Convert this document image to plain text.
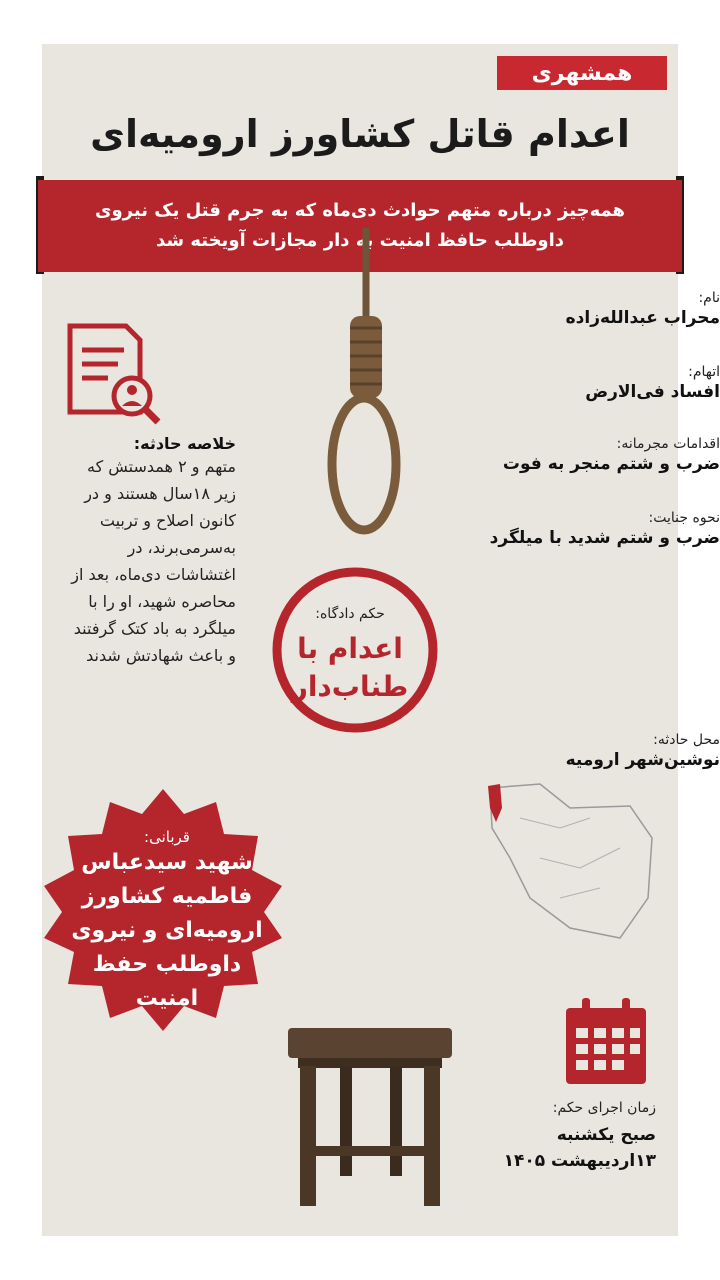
همشهری
اعدام قاتل کشاورز ارومیه‌ای
همه‌چیز درباره متهم حوادث دی‌ماه که به جرم قتل یک نیروی داوطلب حافظ امنیت به دار مجازات آویخته شد
نام:
محراب عبدالله‌زاده
اتهام:
افساد فی‌الارض
اقدامات مجرمانه:
ضرب و شتم منجر به فوت
نحوه جنایت:
ضرب و شتم شدید با میلگرد
محل حادثه:
نوشین‌شهر ارومیه
خلاصه حادثه:
متهم و ۲ همدستش که زیر ۱۸سال هستند و در کانون اصلاح و تربیت به‌سرمی‌برند، در اغتشاشات دی‌ماه، بعد از محاصره شهید، او را با میلگرد به باد کتک گرفتند و باعث شهادتش شدند
حکم دادگاه:
اعدام با طناب‌دار
قربانی:
شهید سیدعباس فاطمیه کشاورز ارومیه‌ای و نیروی داوطلب حفظ امنیت
زمان اجرای حکم:
صبح یکشنبه ۱۳اردیبهشت ۱۴۰۵
